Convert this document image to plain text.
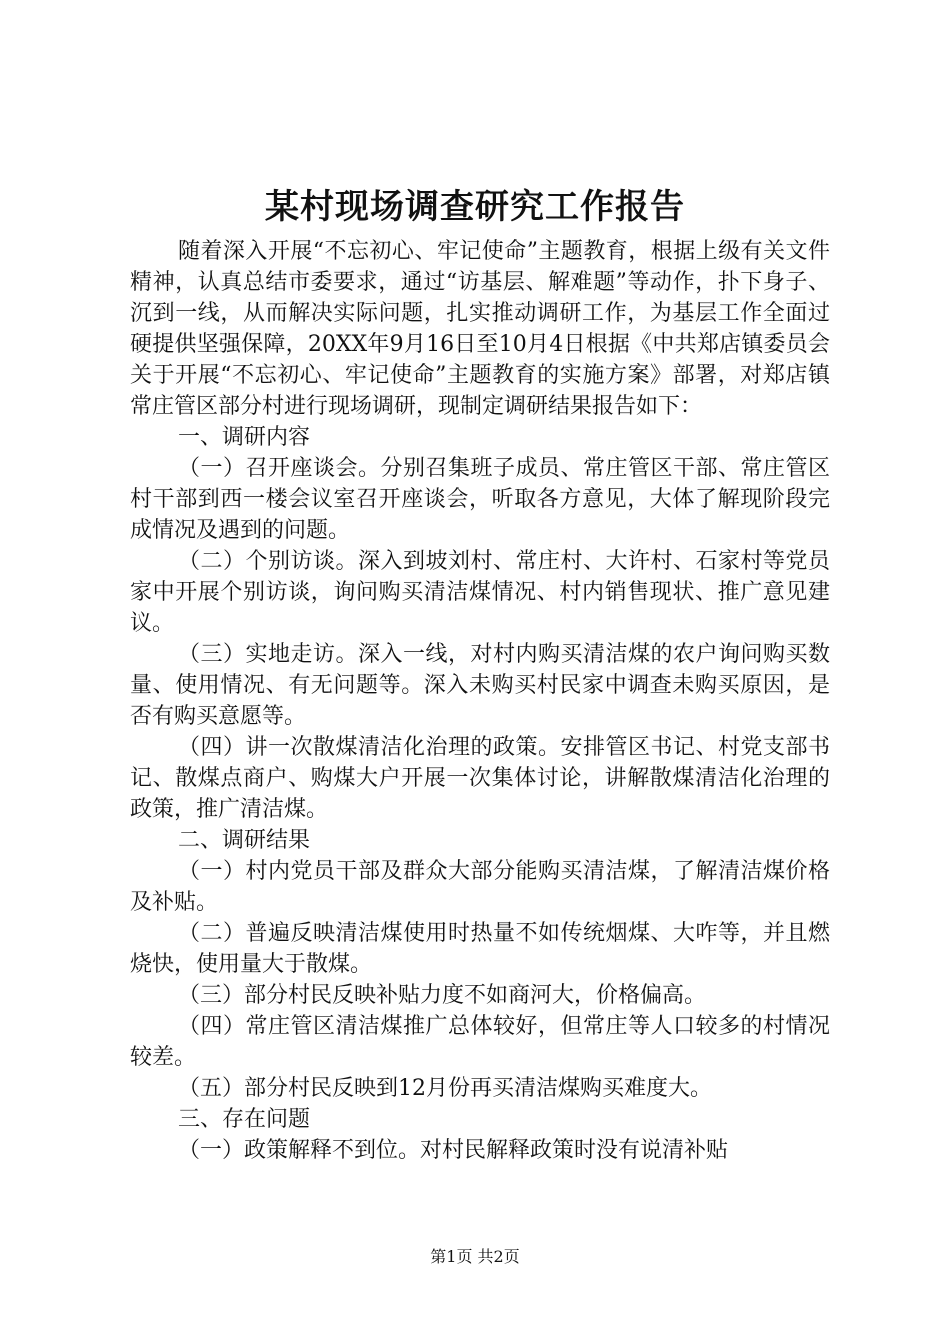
某村现场调查研究工作报告

随着深入开展“不忘初心、牢记使命”主题教育，根据上级有关文件精神，认真总结市委要求，通过“访基层、解难题”等动作，扑下身子、沉到一线，从而解决实际问题，扎实推动调研工作，为基层工作全面过硬提供坚强保障，20XX年9月16日至10月4日根据《中共郑店镇委员会关于开展“不忘初心、牢记使命”主题教育的实施方案》部署，对郑店镇常庄管区部分村进行现场调研，现制定调研结果报告如下：

一、调研内容

（一）召开座谈会。分别召集班子成员、常庄管区干部、常庄管区村干部到西一楼会议室召开座谈会，听取各方意见，大体了解现阶段完成情况及遇到的问题。

（二）个别访谈。深入到坡刘村、常庄村、大许村、石家村等党员家中开展个别访谈，询问购买清洁煤情况、村内销售现状、推广意见建议。

（三）实地走访。深入一线，对村内购买清洁煤的农户询问购买数量、使用情况、有无问题等。深入未购买村民家中调查未购买原因，是否有购买意愿等。

（四）讲一次散煤清洁化治理的政策。安排管区书记、村党支部书记、散煤点商户、购煤大户开展一次集体讨论，讲解散煤清洁化治理的政策，推广清洁煤。

二、调研结果

（一）村内党员干部及群众大部分能购买清洁煤，了解清洁煤价格及补贴。

（二）普遍反映清洁煤使用时热量不如传统烟煤、大咋等，并且燃烧快，使用量大于散煤。

（三）部分村民反映补贴力度不如商河大，价格偏高。

（四）常庄管区清洁煤推广总体较好，但常庄等人口较多的村情况较差。

（五）部分村民反映到12月份再买清洁煤购买难度大。

三、存在问题

（一）政策解释不到位。对村民解释政策时没有说清补贴

第1页 共2页
